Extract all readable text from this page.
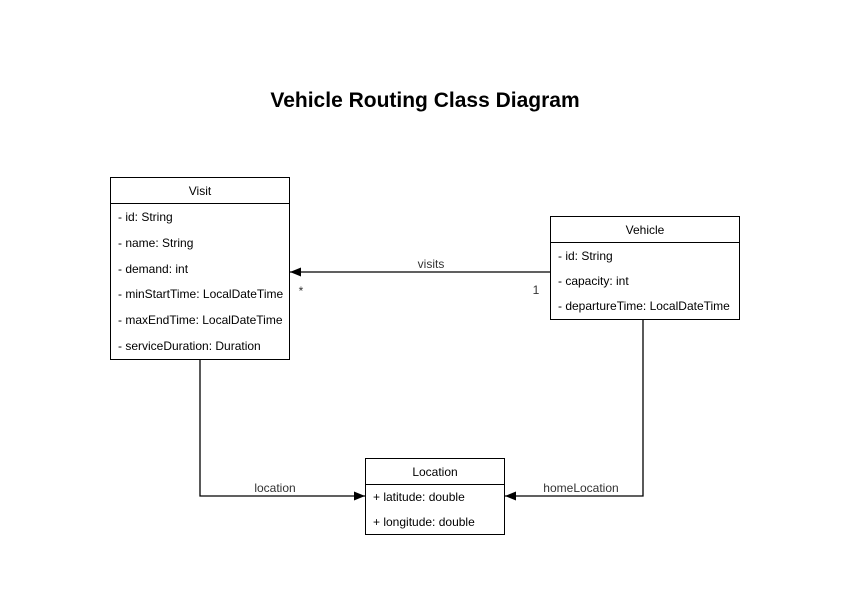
Vehicle Routing Class Diagram
Visit
- id: String
- name: String
- demand: int
- minStartTime: LocalDateTime
- maxEndTime: LocalDateTime
- serviceDuration: Duration
Vehicle
- id: String
- capacity: int
- departureTime: LocalDateTime
Location
+ latitude: double
+ longitude: double
visits
*	1
location	homeLocation
